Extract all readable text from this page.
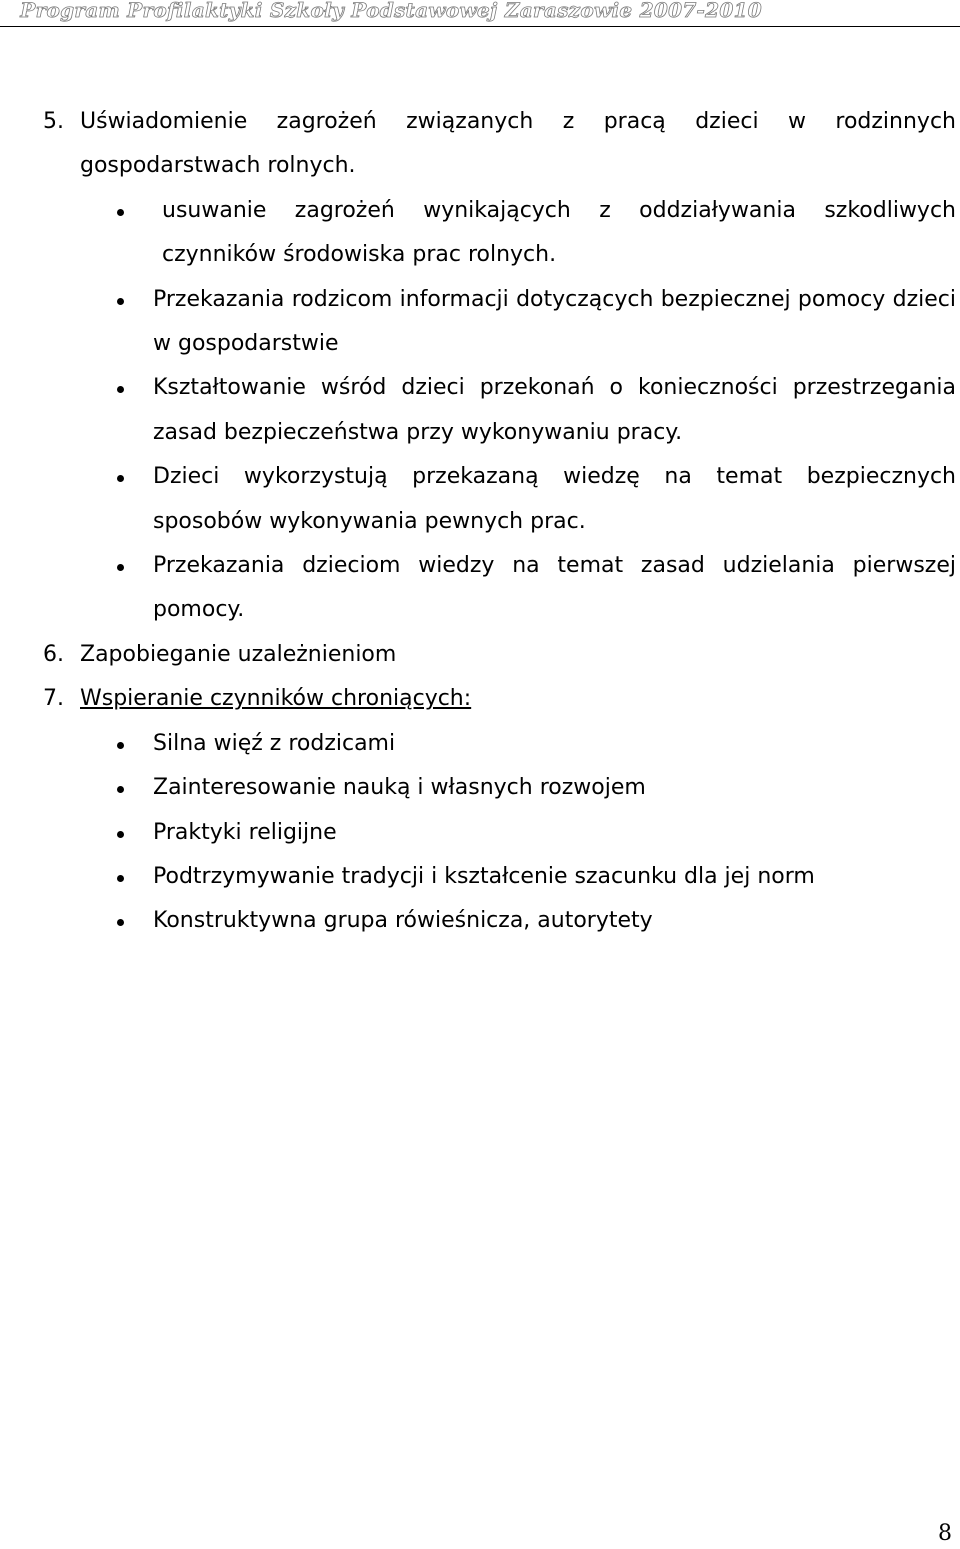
Program Profilaktyki Szkoły Podstawowej Zaraszowie 2007-2010
5. Uświadomienie zagrożeń związanych z pracą dzieci w rodzinnych gospodarstwach rolnych.
usuwanie zagrożeń wynikających z oddziaływania szkodliwych czynników środowiska prac rolnych.
Przekazania rodzicom informacji dotyczących bezpiecznej pomocy dzieci w gospodarstwie
Kształtowanie wśród dzieci przekonań o konieczności przestrzegania zasad bezpieczeństwa przy wykonywaniu pracy.
Dzieci wykorzystują przekazaną wiedzę na temat bezpiecznych sposobów wykonywania pewnych prac.
Przekazania dzieciom wiedzy na temat zasad udzielania pierwszej pomocy.
6. Zapobieganie uzależnieniom
7. Wspieranie czynników chroniących:
Silna więź z rodzicami
Zainteresowanie nauką i własnych rozwojem
Praktyki religijne
Podtrzymywanie tradycji i kształcenie szacunku dla jej norm
Konstruktywna grupa rówieśnicza, autorytety
8
